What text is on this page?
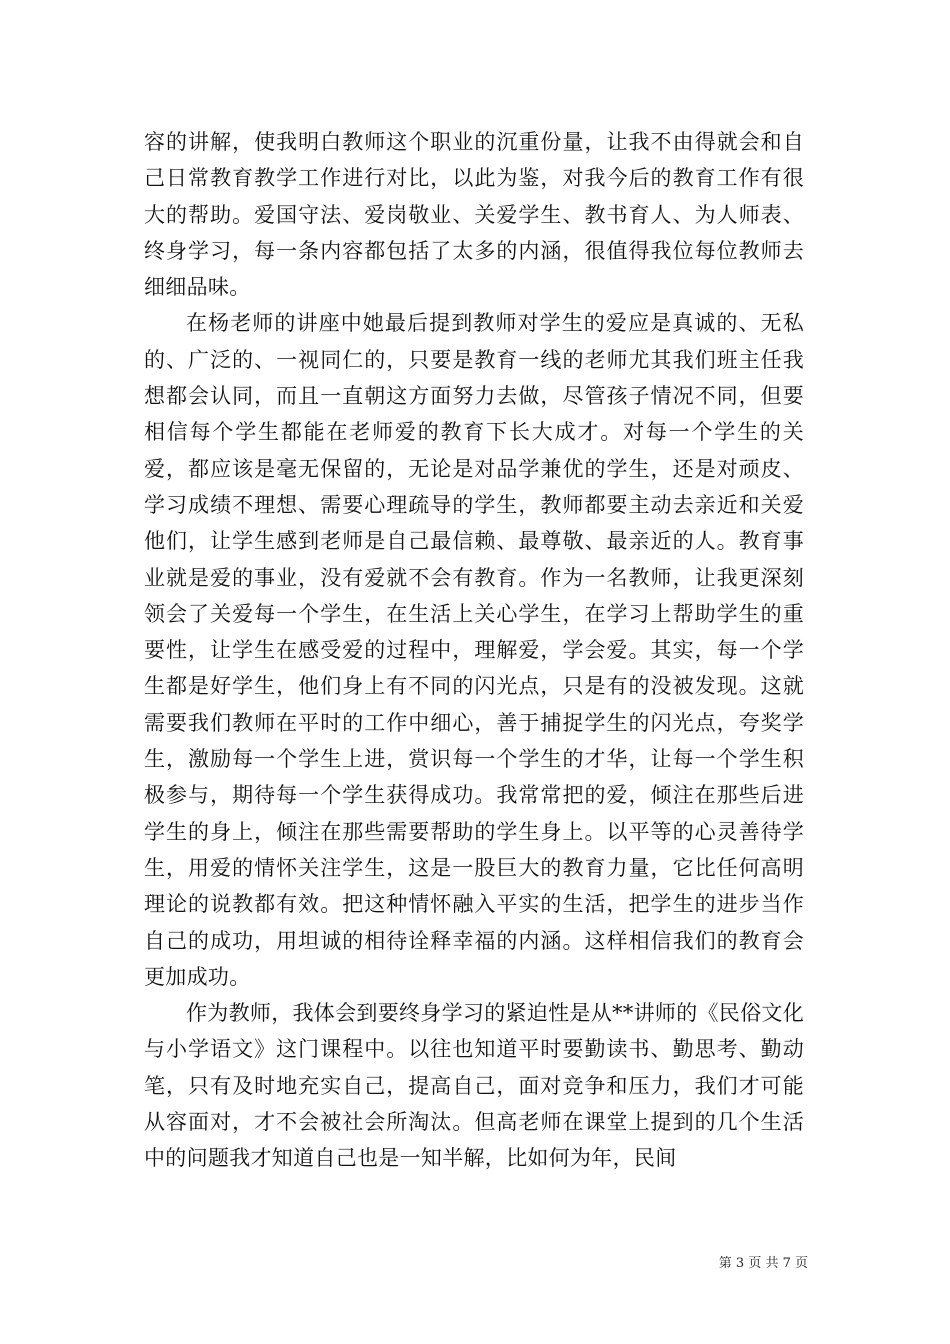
容的讲解，使我明白教师这个职业的沉重份量，让我不由得就会和自己日常教育教学工作进行对比，以此为鉴，对我今后的教育工作有很大的帮助。爱国守法、爱岗敬业、关爱学生、教书育人、为人师表、终身学习，每一条内容都包括了太多的内涵，很值得我位每位教师去细细品味。

在杨老师的讲座中她最后提到教师对学生的爱应是真诚的、无私的、广泛的、一视同仁的，只要是教育一线的老师尤其我们班主任我想都会认同，而且一直朝这方面努力去做，尽管孩子情况不同，但要相信每个学生都能在老师爱的教育下长大成才。对每一个学生的关爱，都应该是毫无保留的，无论是对品学兼优的学生，还是对顽皮、学习成绩不理想、需要心理疏导的学生，教师都要主动去亲近和关爱他们，让学生感到老师是自己最信赖、最尊敬、最亲近的人。教育事业就是爱的事业，没有爱就不会有教育。作为一名教师，让我更深刻领会了关爱每一个学生，在生活上关心学生，在学习上帮助学生的重要性，让学生在感受爱的过程中，理解爱，学会爱。其实，每一个学生都是好学生，他们身上有不同的闪光点，只是有的没被发现。这就需要我们教师在平时的工作中细心，善于捕捉学生的闪光点，夸奖学生，激励每一个学生上进，赏识每一个学生的才华，让每一个学生积极参与，期待每一个学生获得成功。我常常把的爱，倾注在那些后进学生的身上，倾注在那些需要帮助的学生身上。以平等的心灵善待学生，用爱的情怀关注学生，这是一股巨大的教育力量，它比任何高明理论的说教都有效。把这种情怀融入平实的生活，把学生的进步当作自己的成功，用坦诚的相待诠释幸福的内涵。这样相信我们的教育会更加成功。

作为教师，我体会到要终身学习的紧迫性是从**讲师的《民俗文化与小学语文》这门课程中。以往也知道平时要勤读书、勤思考、勤动笔，只有及时地充实自己，提高自己，面对竞争和压力，我们才可能从容面对，才不会被社会所淘汰。但高老师在课堂上提到的几个生活中的问题我才知道自己也是一知半解，比如何为年，民间

第 3 页 共 7 页
